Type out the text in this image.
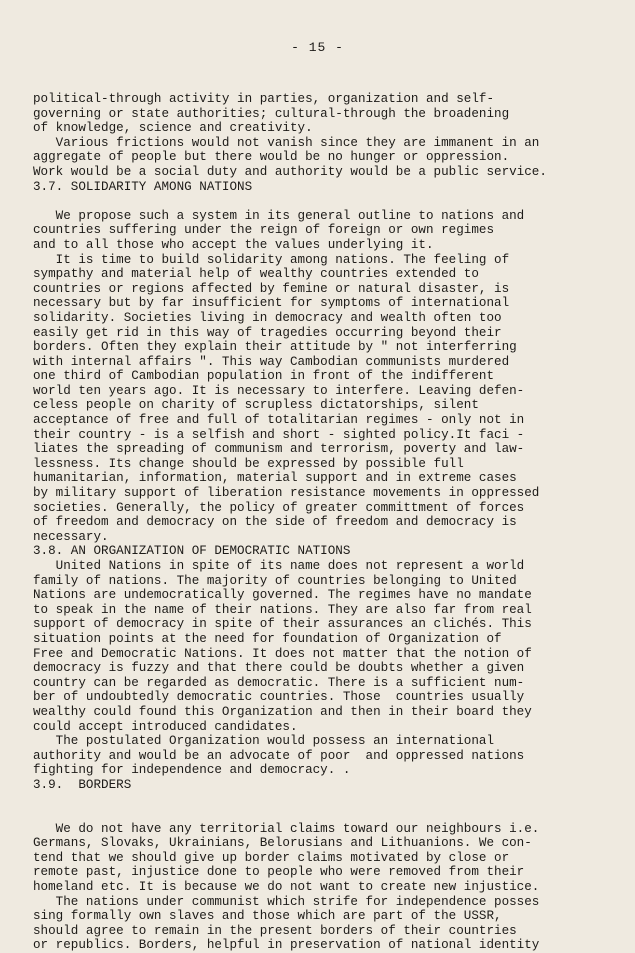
- 15 -
political-through activity in parties, organization and self-
governing or state authorities; cultural-through the broadening
of knowledge, science and creativity.
Various frictions would not vanish since they are immanent in an
aggregate of people but there would be no hunger or oppression.
Work would be a social duty and authority would be a public service.
3.7. SOLIDARITY AMONG NATIONS
We propose such a system in its general outline to nations and
countries suffering under the reign of foreign or own regimes
and to all those who accept the values underlying it.
It is time to build solidarity among nations. The feeling of
sympathy and material help of wealthy countries extended to
countries or regions affected by femine or natural disaster, is
necessary but by far insufficient for symptoms of international
solidarity. Societies living in democracy and wealth often too
easily get rid in this way of tragedies occurring beyond their
borders. Often they explain their attitude by " not interferring
with internal affairs ". This way Cambodian communists murdered
one third of Cambodian population in front of the indifferent
world ten years ago. It is necessary to interfere. Leaving defen-
celess people on charity of scrupless dictatorships, silent
acceptance of free and full of totalitarian regimes - only not in
their country - is a selfish and short - sighted policy.It faci -
liates the spreading of communism and terrorism, poverty and law-
lessness. Its change should be expressed by possible full
humanitarian, information, material support and in extreme cases
by military support of liberation resistance movements in oppressed
societies. Generally, the policy of greater committment of forces
of freedom and democracy on the side of freedom and democracy is
necessary.
3.8. AN ORGANIZATION OF DEMOCRATIC NATIONS
United Nations in spite of its name does not represent a world
family of nations. The majority of countries belonging to United
Nations are undemocratically governed. The regimes have no mandate
to speak in the name of their nations. They are also far from real
support of democracy in spite of their assurances an clichés. This
situation points at the need for foundation of Organization of
Free and Democratic Nations. It does not matter that the notion of
democracy is fuzzy and that there could be doubts whether a given
country can be regarded as democratic. There is a sufficient num-
ber of undoubtedly democratic countries. Those  countries usually
wealthy could found this Organization and then in their board they
could accept introduced candidates.
The postulated Organization would possess an international
authority and would be an advocate of poor  and oppressed nations
fighting for independence and democracy. .
3.9.  BORDERS
We do not have any territorial claims toward our neighbours i.e.
Germans, Slovaks, Ukrainians, Belorusians and Lithuanions. We con-
tend that we should give up border claims motivated by close or
remote past, injustice done to people who were removed from their
homeland etc. It is because we do not want to create new injustice.
The nations under communist which strife for independence posses
sing formally own slaves and those which are part of the USSR,
should agree to remain in the present borders of their countries
or republics. Borders, helpful in preservation of national identity
